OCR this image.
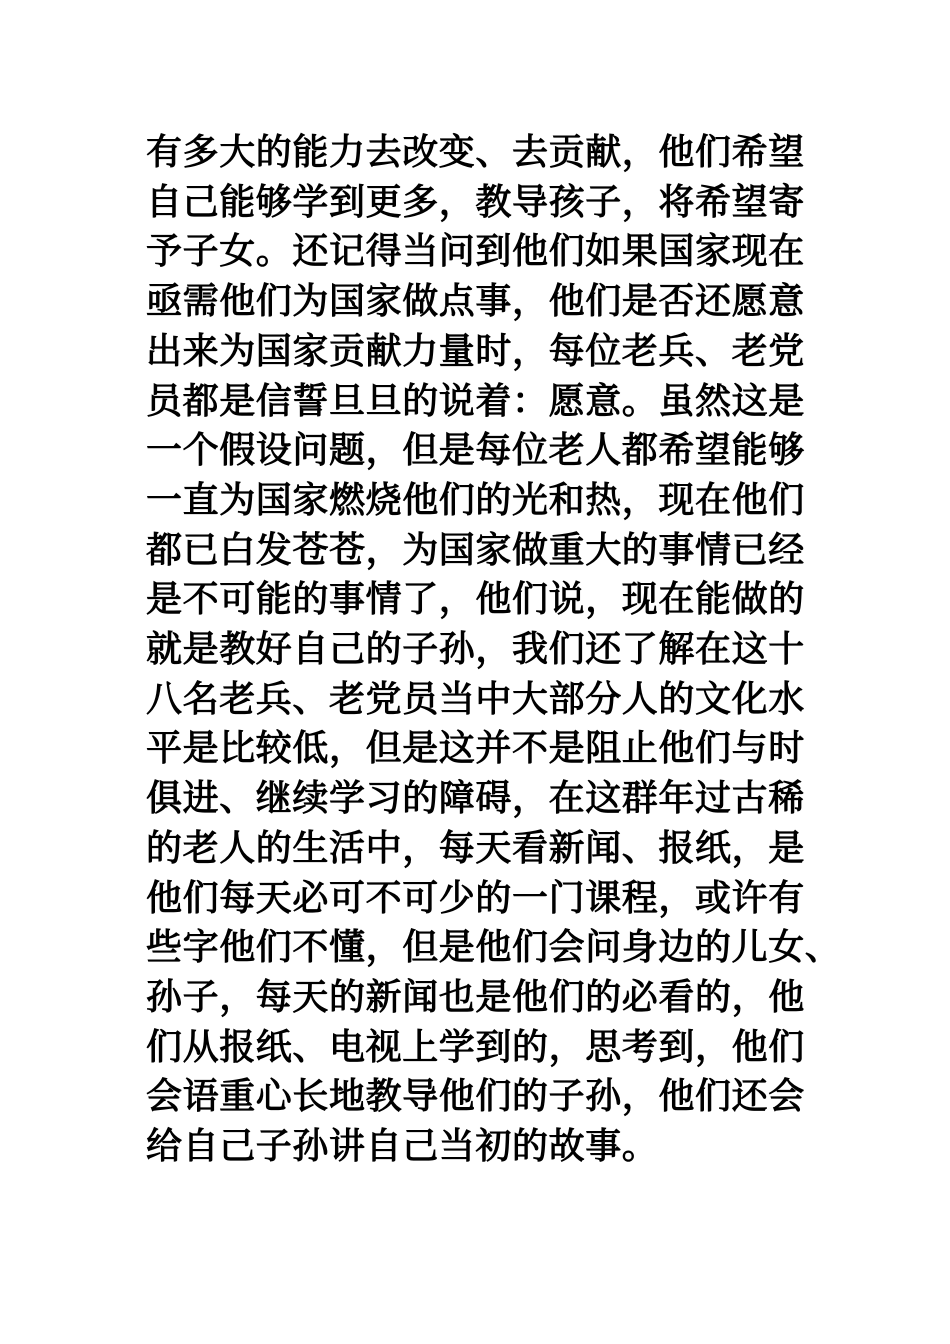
有多大的能力去改变、去贡献，他们希望
自己能够学到更多，教导孩子，将希望寄
予子女。还记得当问到他们如果国家现在
亟需他们为国家做点事，他们是否还愿意
出来为国家贡献力量时，每位老兵、老党
员都是信誓旦旦的说着：愿意。虽然这是
一个假设问题，但是每位老人都希望能够
一直为国家燃烧他们的光和热，现在他们
都已白发苍苍，为国家做重大的事情已经
是不可能的事情了，他们说，现在能做的
就是教好自己的子孙，我们还了解在这十
八名老兵、老党员当中大部分人的文化水
平是比较低，但是这并不是阻止他们与时
俱进、继续学习的障碍，在这群年过古稀
的老人的生活中，每天看新闻、报纸，是
他们每天必可不可少的一门课程，或许有
些字他们不懂，但是他们会问身边的儿女、
孙子，每天的新闻也是他们的必看的，他
们从报纸、电视上学到的，思考到，他们
会语重心长地教导他们的子孙，他们还会
给自己子孙讲自己当初的故事。
